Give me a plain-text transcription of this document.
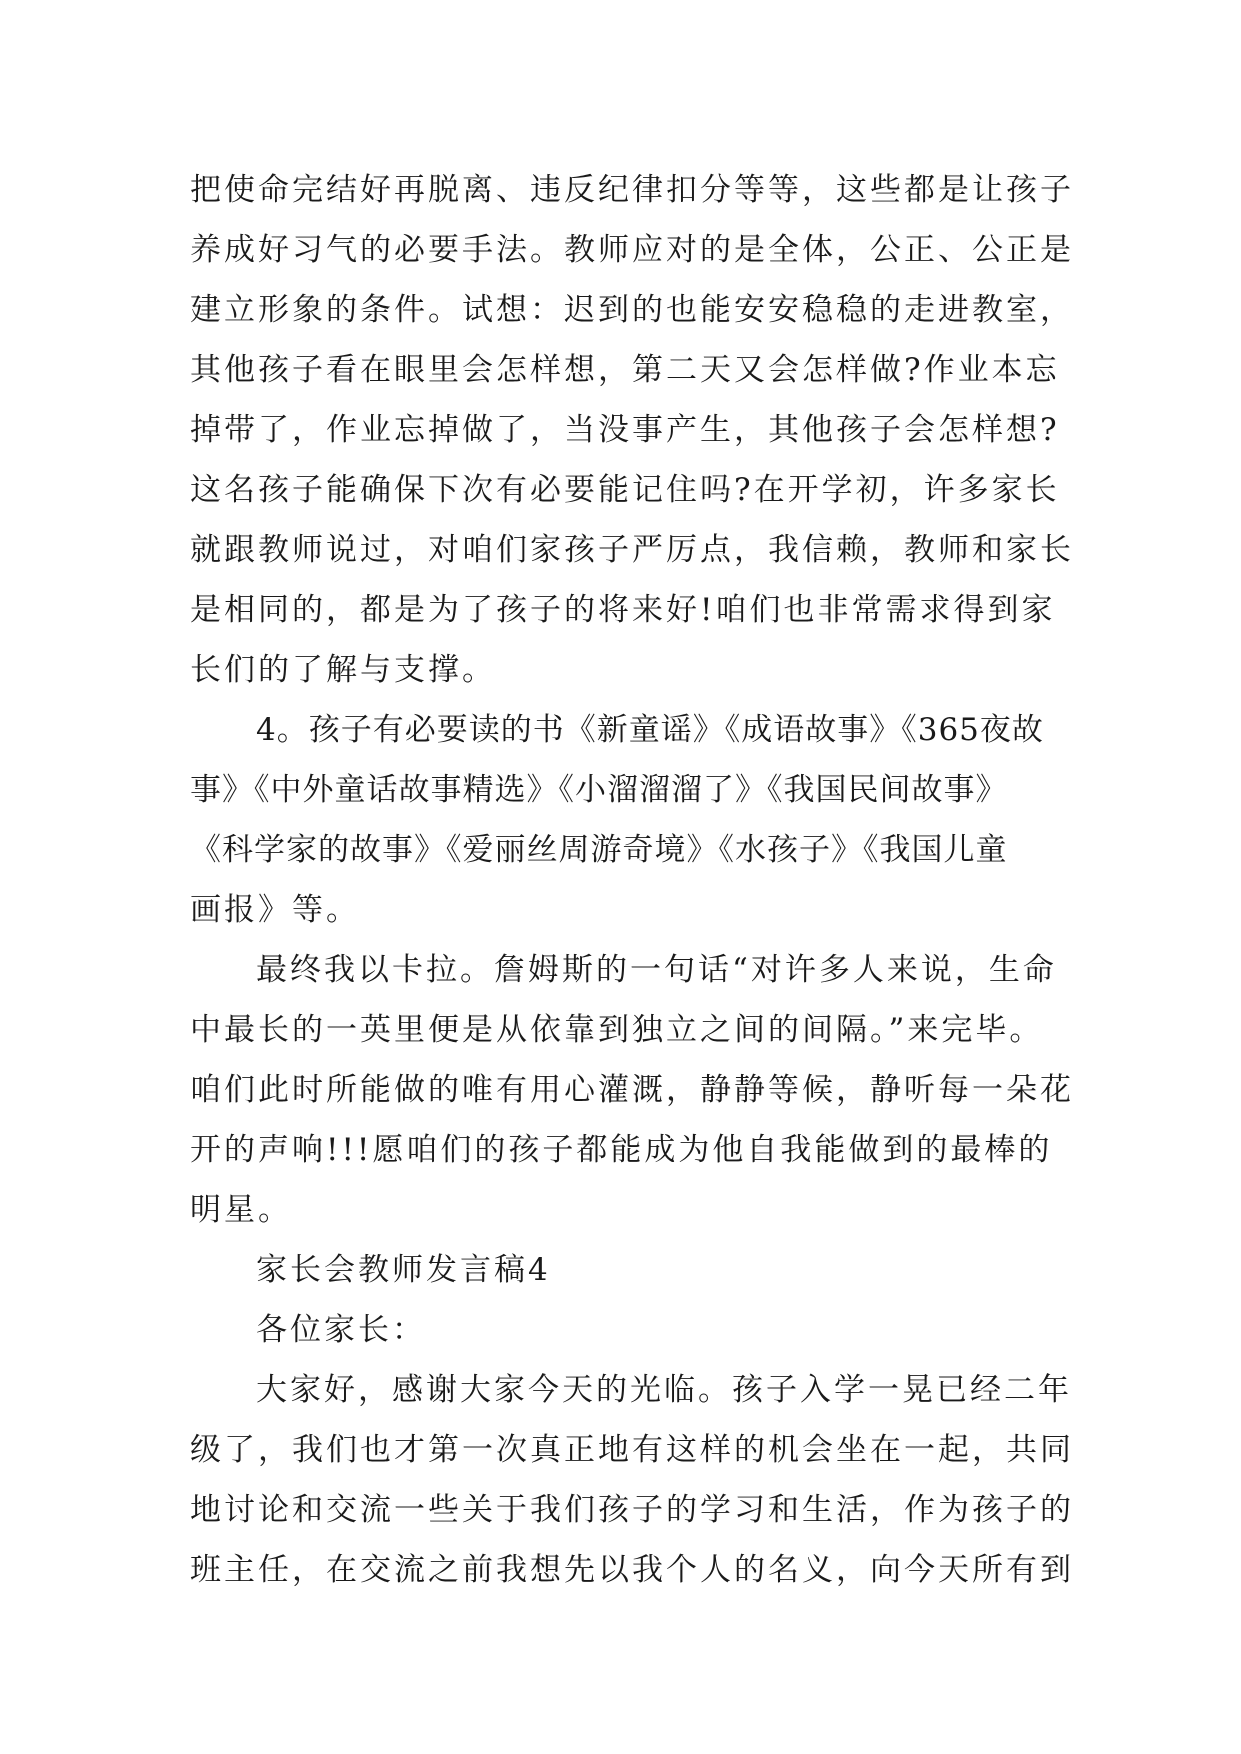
把使命完结好再脱离、违反纪律扣分等等，这些都是让孩子
养成好习气的必要手法。教师应对的是全体，公正、公正是
建立形象的条件。试想：迟到的也能安安稳稳的走进教室，
其他孩子看在眼里会怎样想，第二天又会怎样做?作业本忘
掉带了，作业忘掉做了，当没事产生，其他孩子会怎样想?
这名孩子能确保下次有必要能记住吗?在开学初，许多家长
就跟教师说过，对咱们家孩子严厉点，我信赖，教师和家长
是相同的，都是为了孩子的将来好!咱们也非常需求得到家
长们的了解与支撑。
4。孩子有必要读的书《新童谣》《成语故事》《365夜故
事》《中外童话故事精选》《小溜溜溜了》《我国民间故事》
《科学家的故事》《爱丽丝周游奇境》《水孩子》《我国儿童
画报》等。
最终我以卡拉。詹姆斯的一句话“对许多人来说，生命
中最长的一英里便是从依靠到独立之间的间隔。”来完毕。
咱们此时所能做的唯有用心灌溉，静静等候，静听每一朵花
开的声响!!!愿咱们的孩子都能成为他自我能做到的最棒的
明星。
家长会教师发言稿4
各位家长：
大家好，感谢大家今天的光临。孩子入学一晃已经二年
级了，我们也才第一次真正地有这样的机会坐在一起，共同
地讨论和交流一些关于我们孩子的学习和生活，作为孩子的
班主任，在交流之前我想先以我个人的名义，向今天所有到
